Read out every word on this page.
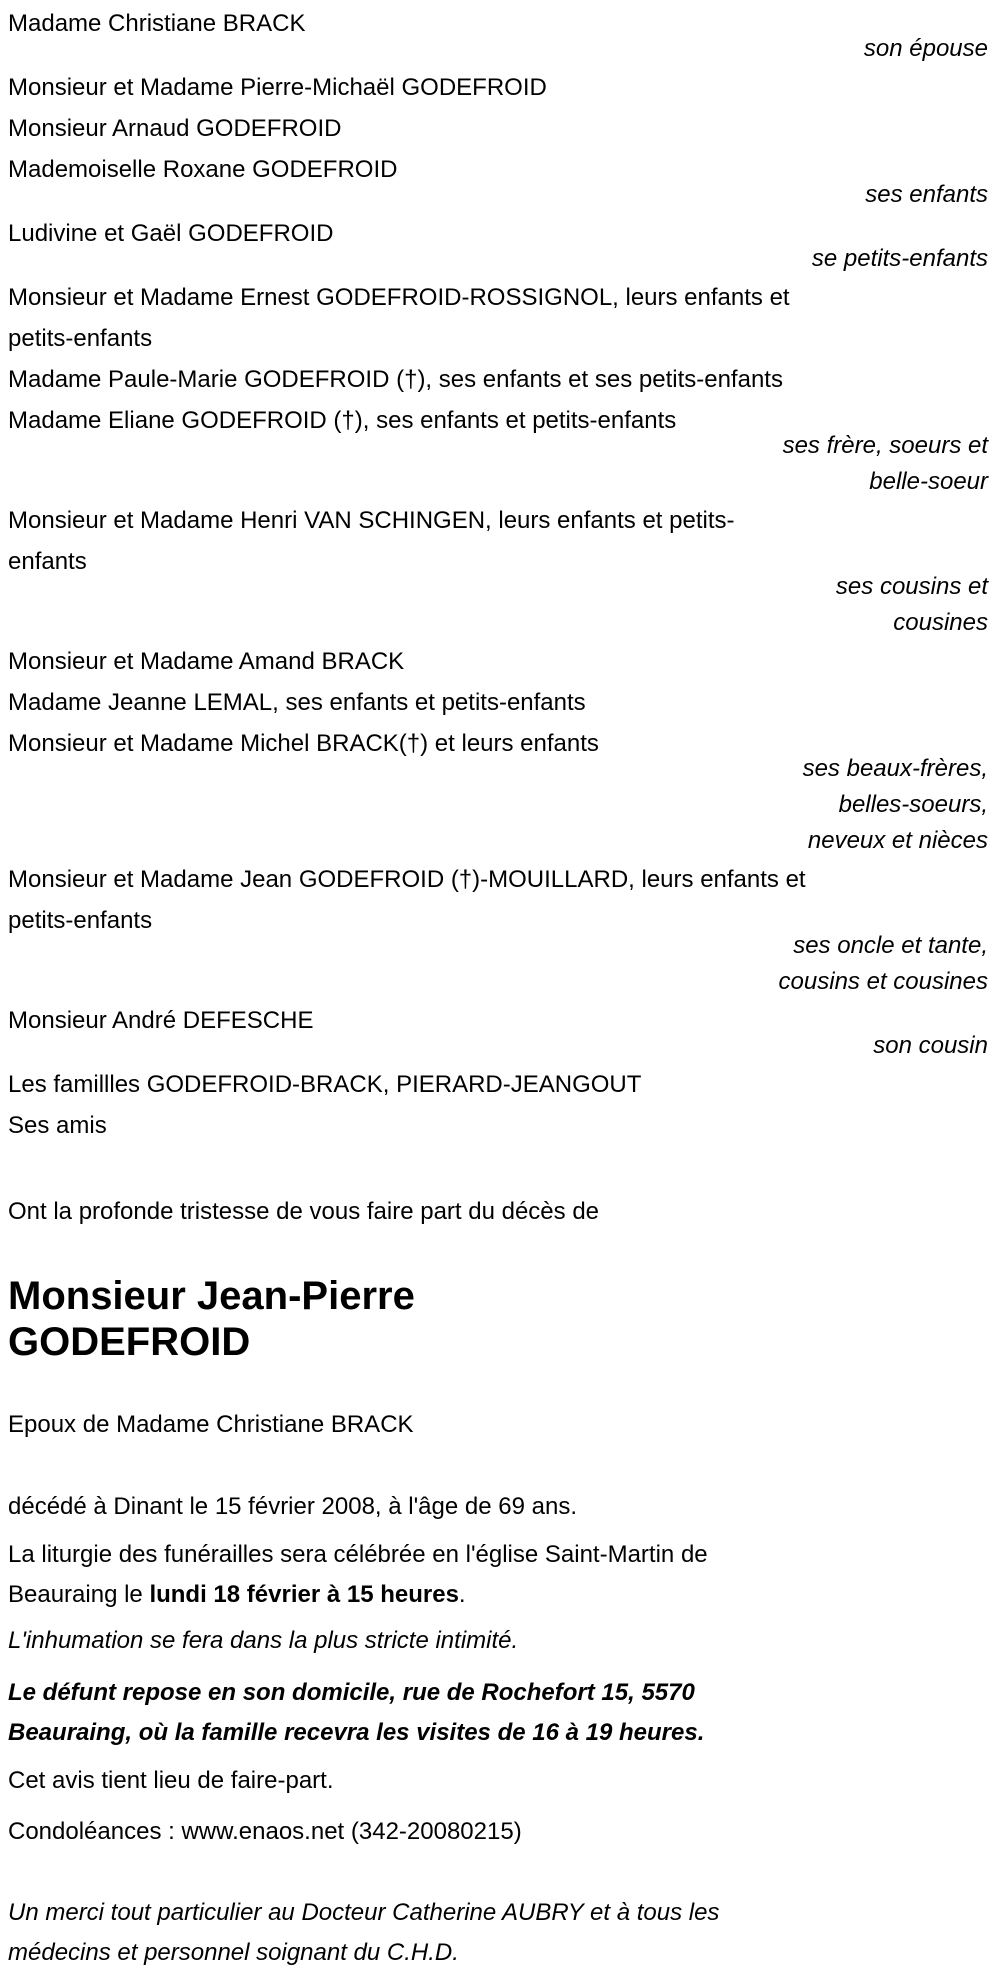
Madame Christiane BRACK
son épouse
Monsieur et Madame Pierre-Michaël GODEFROID
Monsieur Arnaud GODEFROID
Mademoiselle Roxane GODEFROID
ses enfants
Ludivine et Gaël GODEFROID
se petits-enfants
Monsieur et Madame Ernest GODEFROID-ROSSIGNOL, leurs enfants et
petits-enfants
Madame Paule-Marie GODEFROID (†), ses enfants et ses petits-enfants
Madame Eliane GODEFROID (†), ses enfants et petits-enfants
ses frère, soeurs et
belle-soeur
Monsieur et Madame Henri VAN SCHINGEN, leurs enfants et petits-
enfants
ses cousins et
cousines
Monsieur et Madame Amand BRACK
Madame Jeanne LEMAL, ses enfants et petits-enfants
Monsieur et Madame Michel BRACK(†) et leurs enfants
ses beaux-frères,
belles-soeurs,
neveux et nièces
Monsieur et Madame Jean GODEFROID (†)-MOUILLARD, leurs enfants et
petits-enfants
ses oncle et tante,
cousins et cousines
Monsieur André DEFESCHE
son cousin
Les famillles GODEFROID-BRACK, PIERARD-JEANGOUT
Ses amis

Ont la profonde tristesse de vous faire part du décès de

Monsieur Jean-Pierre
GODEFROID

Epoux de Madame Christiane BRACK

décédé à Dinant le 15 février 2008, à l'âge de 69 ans.

La liturgie des funérailles sera célébrée en l'église Saint-Martin de
Beauraing le lundi 18 février à 15 heures.

L'inhumation se fera dans la plus stricte intimité.

Le défunt repose en son domicile, rue de Rochefort 15, 5570
Beauraing, où la famille recevra les visites de 16 à 19 heures.

Cet avis tient lieu de faire-part.

Condoléances : www.enaos.net (342-20080215)

Un merci tout particulier au Docteur Catherine AUBRY et à tous les
médecins et personnel soignant du C.H.D.
